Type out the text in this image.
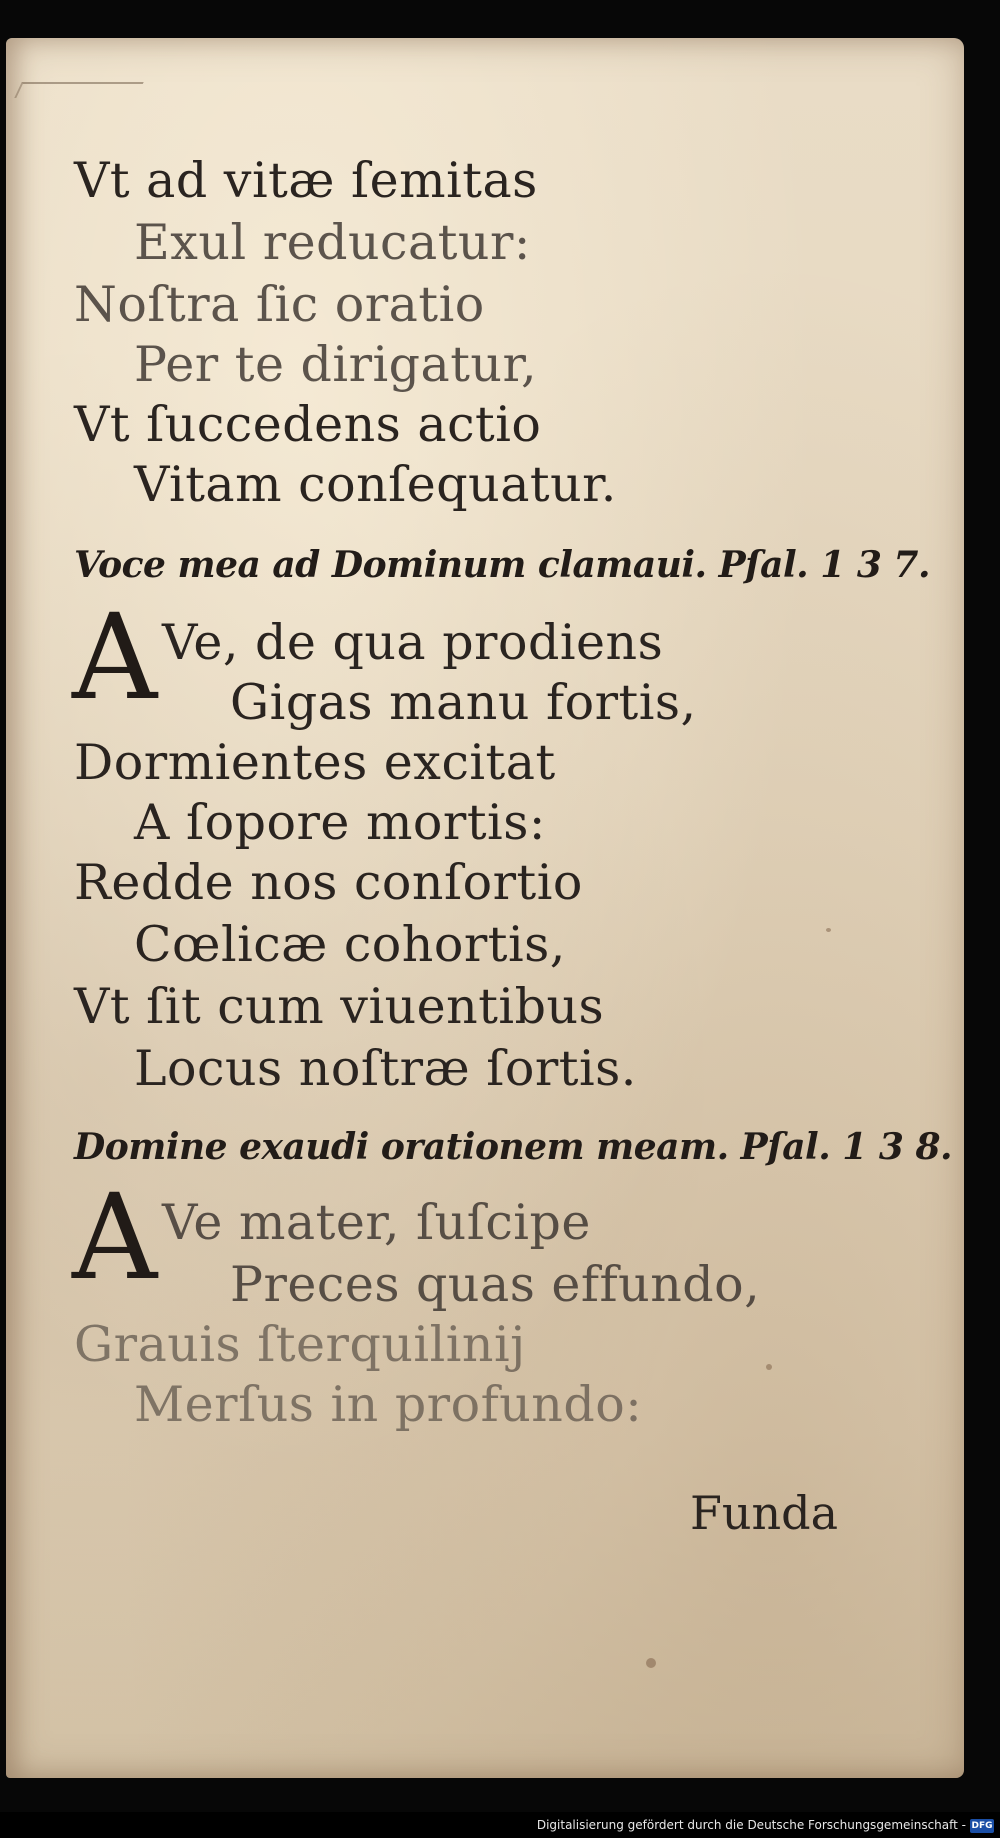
Vt ad vitæ ſemitas
Exul reducatur:
Noſtra ſic oratio
Per te dirigatur,
Vt ſuccedens actio
Vitam conſequatur.
Voce mea ad Dominum clamaui. Pſal. 1 3 7.
A Ve, de qua prodiens
Gigas manu fortis,
Dormientes excitat
A ſopore mortis:
Redde nos conſortio
Cœlicæ cohortis,
Vt ſit cum viuentibus
Locus noſtræ ſortis.
Domine exaudi orationem meam. Pſal. 1 3 8.
A Ve mater, ſuſcipe
Preces quas effundo,
Grauis ſterquilinij
Merſus in profundo:
Funda
Digitalisierung gefördert durch die Deutsche Forschungsgemeinschaft - DFG
